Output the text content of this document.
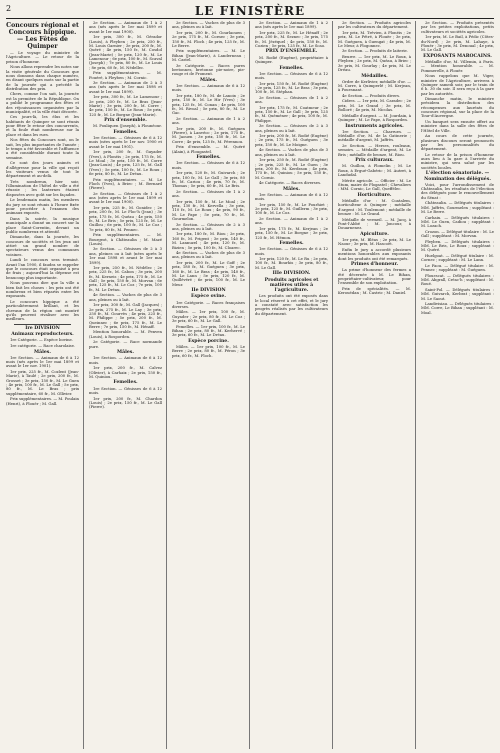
2	LE FINISTÈRE
Concours régional et Concours hippique. — Les Fêtes de Quimper

— Le voyage du ministre de l'Agriculture. — Le retour de la prison d'honneur.

Nous allons reprendre les notes sur la visite générale du Concours que nous donnons dans chaque numéro, en disant quelques mots sur la partie de la journée qui a précédé la distribution des prix.

Chers, comme l'on sait, la journée est la première de la République. On a publié le programme des fêtes et des réjouissances organisées par la municipalité, et la ville était décorée.

Ces jours-là, les élus et les habitants de Quimper se sont réunis pour fêter le retour des concurrents, et la foule était nombreuse sur la place et dans les rues.

Nos fêtes du Concours sont, on le sait, les plus importantes de l'année ; le temps a été favorable et l'affluence a été considérable durant toute la semaine.

Ce sont des jours animés et d'allégresse pour la ville qui reçoit les visiteurs venus de tout le département et au-delà.

Très nombreux, hier soir, l'illumination de l'hôtel de ville a été réussie ; les lanternes étaient disposées avec goût sur les façades.

Le lendemain matin, les membres du jury se sont réunis à l'heure fixée pour procéder à l'examen des animaux exposés.

Dans la soirée, la musique municipale a donné un concert sur la place Saint-Corentin, devant un public nombreux et attentif.

Dimanche, dans la journée, les concours de sociétés et les jeux ont attiré un grand nombre de spectateurs venus des communes voisines.

Lundi le concours sera terminé. Avant l'an 1900, il faudra se rappeler que le concours était organisé à peu de frais ; aujourd'hui la dépense est beaucoup plus importante.

Nous pouvons dire que la ville a bien fait les choses : les prix ont été nombreux et bien répartis entre les exposants.

Le concours hippique a été particulièrement brillant, et les chevaux de la région ont montré qu'ils peuvent rivaliser avec les meilleurs.

Ire DIVISION
Animaux reproducteurs.

1re Catégorie. — Espèce bovine.

1re catégorie. — Race charolaise.

Mâles.

1re Section. — Animaux de 6 à 12 mois (nés après le 1er mai 1899 et avant le 1er nov. 1901).

1er prix, 225 fr., M. Cozlent (Jean-Marie), à Taulé ; 2e prix, 200 fr., M. Grosset ; 3e prix, 150 fr., M. Le Guen ; 4e prix, 100 fr., M. Le Gall ; 5e prix, 80 fr., M. Le Bras ; prix supplémentaire, 60 fr., M. Ollivier.

Prix supplémentaires. — M. Poulain (Henri), à Plouër ; M. Gall.

2e Section. — Animaux de 1 à 2 ans (nés après le 1er mai 1899 et avant le 1er mai 1900).

1er prix, 300 fr., M. Gérador (Louis), à Pleyben ; 2e prix, 250 fr., M. Louis Garnier ; 3e prix, 200 fr., M. Quéré ; 4e prix, 150 fr., M. Cosdol (Jean-Marie) ; 5e prix, 120 fr., M. Le Lamenour ; 6e prix, 100 fr., M. Scaval (Joseph) ; 7e prix, 80 fr., M. Le Louis ; 8e prix, 60 fr., M. Nédellec.

Prix supplémentaires. — M. Fouéré, à Pleyben ; M. Cornic.

3e Section. — Animaux de 2 à 3 ans (nés après le 1er mai 1898 et avant le 1er mai 1899).

1er prix, 300 fr., M. Le Lamenour ; 2e prix, 250 fr., M. Le Bras (Jean-Marie) ; 3e prix, 200 fr., M. Corre ; 4e prix, 150 fr., M. Le Roux ; 5e prix, 125 fr., M. Le Borgne (Jean-Marie).

Prix d'ensemble.

M. Pouliquen (Joseph), à Plounéour.

Femelles.

1re Section. — Génisses de 6 à 12 mois (nées après le 1er nov. 1900 et avant le 1er mai 1901).

1er prix, 200 fr., M. Guyader (Yves), à Plonéis ; 2e prix, 175 fr., M. Le Moal ; 3e prix, 150 fr., M. Corre (Jean-Louis) ; 4e prix, 125 fr., M. Gall (Yves) ; 5e prix, 100 fr., M. Le Roux ; 6e prix, 80 fr., M. Le Dréau.

Prix supplémentaires. — M. Le Floch (Yves), à Briec ; M. Bernard (Pierre).

2e Section. — Génisses de 1 à 2 ans (nées après le 1er mai 1899 et avant le 1er mai 1900).

1er prix, 225 fr., M. Gonidec ; 2e prix, 200 fr., M. Le Floc'h (Jean) ; 3e prix, 175 fr., M. Quéau ; 4e prix, 150 fr., M. Le Bris ; 5e prix, 125 fr., M. Le Guillou ; 6e prix, 100 fr., M. Le Coz ; 7e prix, 80 fr., M. Pennec.

Prix supplémentaires. — M. Bourgeot, à Châteaulin ; M. Mazé (Louis).

3e Section. — Génisses de 2 à 3 ans, pleines ou à lait (nées après le 1er mai 1898 et avant le 1er mai 1899).

1er prix, 250 fr., M. Nédélec ; 2e prix, 225 fr., M. Cabon ; 3e prix, 200 fr., M. Kerneis ; 4e prix, 175 fr., M. Le Gall ; 5e prix, 150 fr., M. Morvan ; 6e prix, 125 fr., M. Le Coz ; 7e prix, 100 fr., M. Le Dréau.

4e Section. — Vaches de plus de 3 ans, pleines ou à lait.

1er prix, 300 fr., M. Gall (Jacques) ; 2e prix, 275 fr., M. Le Lay ; 3e prix, 250 fr., M. Gourvès ; 4e prix, 225 fr., M. Philippe ; 5e prix, 200 fr., M. Queinnec ; 6e prix, 175 fr., M. Le Berre ; 7e prix, 150 fr., M. Hénaff.

Mention honorable. — M. Penven (Louis), à Rosporden.

2e Catégorie. — Race normande pure.

Mâles.

1re Section. — Animaux de 6 à 12 mois.

1er prix, 200 fr., M. Calvez (Olivier), à Carhaix ; 2e prix, 150 fr., M. Quiniou.

Femelles.

1re Section. — Génisses de 6 à 12 mois.

1er prix, 200 fr., M. Chardon (Louis) ; 2e prix, 150 fr., M. Le Gall (Pierre).

2e Section. — Vaches de plus de 3 ans, pleines ou à lait.

1er prix, 200 fr., M. Gourlaouen ; 2e prix, 175 fr., M. Cornec ; 3e prix, 150 fr., M. Floch ; 4e prix, 125 fr., M. Le Berre.

Prix supplémentaires. — M. Le Bihan (Jean-Marie), à Landerneau ; M. Castel.

3e Catégorie. — Races pures bretonnes, bretonne pie-noire, pie-rouge et de Froment.

Mâles.

1re Section. — Animaux de 6 à 12 mois.

1er prix, 180 fr., M. de Lanoix ; 2e prix, 150 fr., M. Le Hir (Yves) ; 3e prix, 125 fr., M. Conan ; 4e prix, 100 fr., M. Rivoal ; 5e prix, 80 fr., M. Le Gac.

2e Section. — Animaux de 1 à 2 ans.

1er prix, 200 fr., M. Guéguen (Pierre), à Lanvéoc ; 2e prix, 175 fr., M. Jaouen ; 3e prix, 150 fr., M. Le Corre ; 4e prix, 125 fr., M. Pérennou.

Prix d'ensemble. — M. Quéré (Alain), à Plougastel.

Femelles.

1re Section. — Génisses de 6 à 12 mois.

1er prix, 120 fr., M. Guivarch ; 2e prix, 100 fr., M. Le Gall ; 3e prix, 80 fr., M. Cariou ; 4e prix, 70 fr., M. Thomas ; 5e prix, 60 fr., M. Le Bris.

2e Section. — Génisses de 1 à 2 ans.

1er prix, 150 fr., M. Le Moal ; 2e prix, 130 fr., M. Kervella ; 3e prix, 110 fr., M. Le Roux ; 4e prix, 90 fr., M. Le Pape ; 5e prix, 70 fr., M. Gourmelon.

3e Section. — Génisses de 2 à 3 ans, pleines ou à lait.

1er prix, 180 fr., M. Riou ; 2e prix, 160 fr., M. Prigent ; 3e prix, 140 fr., M. Lannuzel ; 4e prix, 120 fr., M. Bizien ; 5e prix, 100 fr., M. Cloarec.

4e Section. — Vaches de plus de 3 ans, pleines ou à lait.

1er prix, 200 fr., M. Le Goff ; 2e prix, 180 fr., M. Guéguen ; 3e prix, 160 fr., M. Le Bras ; 4e prix, 140 fr., M. Le Lann ; 5e prix, 120 fr., M. Quillévéré ; 6e prix, 100 fr., M. Le Meur.

IIe DIVISION
Espèce ovine.

1re Catégorie. — Races françaises diverses.

Mâles. — 1er prix, 100 fr., M. Guyader ; 2e prix, 80 fr., M. Le Coz ; 3e prix, 60 fr., M. Le Gall.

Femelles. — 1er prix, 100 fr., M. Le Bihan ; 2e prix, 80 fr., M. Kerhervé ; 3e prix, 60 fr., M. Le Dréau.

Espèce porcine.

Mâles. — 1er prix, 100 fr., M. Le Berre ; 2e prix, 80 fr., M. Péron ; 3e prix, 60 fr., M. Floch.

2e Section. — Animaux de 1 à 2 ans (nés après le 1er mai 1899).

1er prix, 225 fr., M. Le Hénaff ; 2e prix, 200 fr., M. Seznec ; 3e prix, 175 fr., M. Jézéquel ; 4e prix, 150 fr., M. Cozien ; 5e prix, 125 fr., M. Le Scao.

PRIX D'ENSEMBLE.

M. Rodié (Eugène), propriétaire à Quimper.

Femelles.

1re Section. — Génisses de 6 à 12 mois.

1er prix, 150 fr., M. Rodié (Eugène) ; 2e prix, 125 fr., M. Le Bras ; 3e prix, 100 fr., M. Stéphan.

2e Section. — Génisses de 1 à 2 ans.

1er prix, 175 fr., M. Coatmeur ; 2e prix, 150 fr., M. Le Gall ; 3e prix, 125 fr., M. Quéméner ; 4e prix, 100 fr., M. Philippe.

3e Section. — Génisses de 2 à 3 ans, pleines ou à lait.

1er prix, 200 fr., M. Rodié (Eugène) ; 2e prix, 175 fr., M. Guéguen ; 3e prix, 150 fr., M. Le Moigne.

4e Section. — Vaches de plus de 3 ans, pleines ou à lait.

1er prix, 250 fr., M. Rodié (Eugène) ; 2e prix, 225 fr., M. Le Guen ; 3e prix, 200 fr., M. Kerdraon ; 4e prix, 175 fr., M. Quiniou ; 5e prix, 150 fr., M. Cornic.

4e Catégorie. — Races diverses.

Mâles.

1re Section. — Animaux de 6 à 12 mois.

1er prix, 150 fr., M. Le Pourhiet ; 2e prix, 125 fr., M. Guillerm ; 3e prix, 100 fr., M. Le Coz.

2e Section. — Animaux de 1 à 2 ans.

1er prix, 175 fr., M. Kerjean ; 2e prix, 150 fr., M. Le Borgne ; 3e prix, 125 fr., M. Hémon.

Femelles.

1re Section. — Génisses de 6 à 12 mois.

1er prix, 120 fr., M. Le Ru ; 2e prix, 100 fr., M. Bourhis ; 3e prix, 80 fr., M. Le Gall.

IIIe DIVISION.
Produits agricoles et matières utiles à l'agriculture.

Les produits ont été exposés dans le local réservé à cet effet, et le jury a constaté avec satisfaction les progrès réalisés par les cultivateurs du département.

2e Section. — Produits agricoles par les cultivateurs du département.

1er prix, M. Trévien, à Plonéis ; 2e prix, M. Le Pétré, à Plouër ; 3e prix, M. Guéguen, à Guengat ; 4e prix, M. Le Meur, à Plogonnec.

3e Section. — Produits de laiterie.

Beurre. — 1er prix, M. Le Roux, à Pleyben ; 2e prix, M. Quéau, à Briec ; 3e prix, M. Gourlay ; 4e prix, M. Le Dréau.

Médailles.

Ordre de Kerlivier, médaille d'or. — M. Corre, à Quimperlé ; M. Kerjean, à Fouesnant.

4e Section. — Produits divers.

Cidres. — 1er prix, M. Caradec ; 2e prix, M. Le Grand ; 3e prix, M. Bolloré ; 4e prix, M. Nicolas.

Médaille d'argent. — M. Jourdain, à Quimper ; M. Le Pape, à Rosporden.

Instruments agricoles.

1re Section. — Charrues. — Médaille d'or, M. de la Gatinerie ; médaille d'argent, M. Jaffrès.

2e Section. — Herses, rouleaux, semoirs. — Médaille d'argent, M. Le Bris ; médaille de bronze, M. Riou.

Prix culturaux.

M. Guillou, à Plomelin ; M. Le Roux, à Ergué-Gabéric ; M. Autret, à Landudal.

Mérite agricole. — Officier : M. Le Stum, maire de Plogastel ; Chevaliers : MM. Cornic, Le Gall, Queffélec.

Horticulture.

Médaille d'or : M. Coatalem, horticulteur à Quimper ; médaille d'argent : M. Toulemont ; médaille de bronze : M. Le Grand.

Médaille de vermeil. — M. Jacq, à Pont-l'Abbé ; M. Joncour, à Douarnenez.

Apiculture.

1er prix, M. Bléas ; 2e prix, M. Le Naour ; 3e prix, M. Hascoët.

Enfin le jury a accordé plusieurs mentions honorables aux exposants dont les produits ont été remarqués.

Primes d'honneur.

La prime d'honneur des fermes a été décernée à M. Le Bihan, propriétaire-cultivateur, pour l'ensemble de son exploitation.

Prix de spécialités. — M. Kerouédan ; M. Castric ; M. Daniel.

2e Section. — Produits présentés par les petites exploitations, petits cultivateurs et sociétés agricoles.

1er prix, M. Le Bail, à Pédic (Côtes-du-Nord) ; 2e prix, M. Lahaye, à Plouër ; 3e prix, M. Denoual ; 4e prix, M. Le Gall.

EXPOSANTS MAROCAINS.

Médaille d'or, M. Villemin, à Paris. — Mention honorable. — M. Pommerelle, à Plouër.

Nous rappelons que M. Viger, ministre de l'Agriculture, arrivera à Quimper samedi soir, par le train de 6 h. 30 du soir. Il sera reçu à la gare par les autorités.

Dimanche matin, le ministre présidera la distribution des récompenses aux lauréats du concours régional, sur la place de la Tour-d'Auvergne.

Un banquet sera ensuite offert au ministre dans la salle des fêtes de l'Hôtel de Ville.

Au cours de cette journée, plusieurs discours seront prononcés par les personnalités du département.

Le retour de la prison d'honneur aura lieu à la gare à l'arrivée du ministre, qui sera salué par les sociétés locales.

L'élection sénatoriale. — Nomination des délégués.

Voici, pour l'arrondissement de Châteaulin, les résultats de l'élection des délégués pour le renouvellement du Sénat :

Châteaulin. — Délégués titulaires : MM. Jaffrès, Gourmelen ; suppléant : M. Le Berre.

Carhaix. — Délégués titulaires : MM. Le Guen, Cadiou ; suppléant : M. Lozach.

Crozon. — Délégué titulaire : M. Le Gall ; suppléant : M. Morvan.

Pleyben. — Délégués titulaires : MM. Le Bris, Le Roux ; suppléant : M. Quéré.

Huelgoat. — Délégué titulaire : M. Cornec ; suppléant : M. Le Lann.

Le Faou. — Délégué titulaire : M. Pennec ; suppléant : M. Guéguen.

Plouescat. — Délégués titulaires : MM. Abgrall, Créac'h ; suppléant : M. Roué.

Saint-Pol. — Délégués titulaires : MM. Guivarch, Kerbrat ; suppléant : M. Le Saout.

Landivisiau. — Délégués titulaires : MM. Corre, Le Bihan ; suppléant : M. Moal.
